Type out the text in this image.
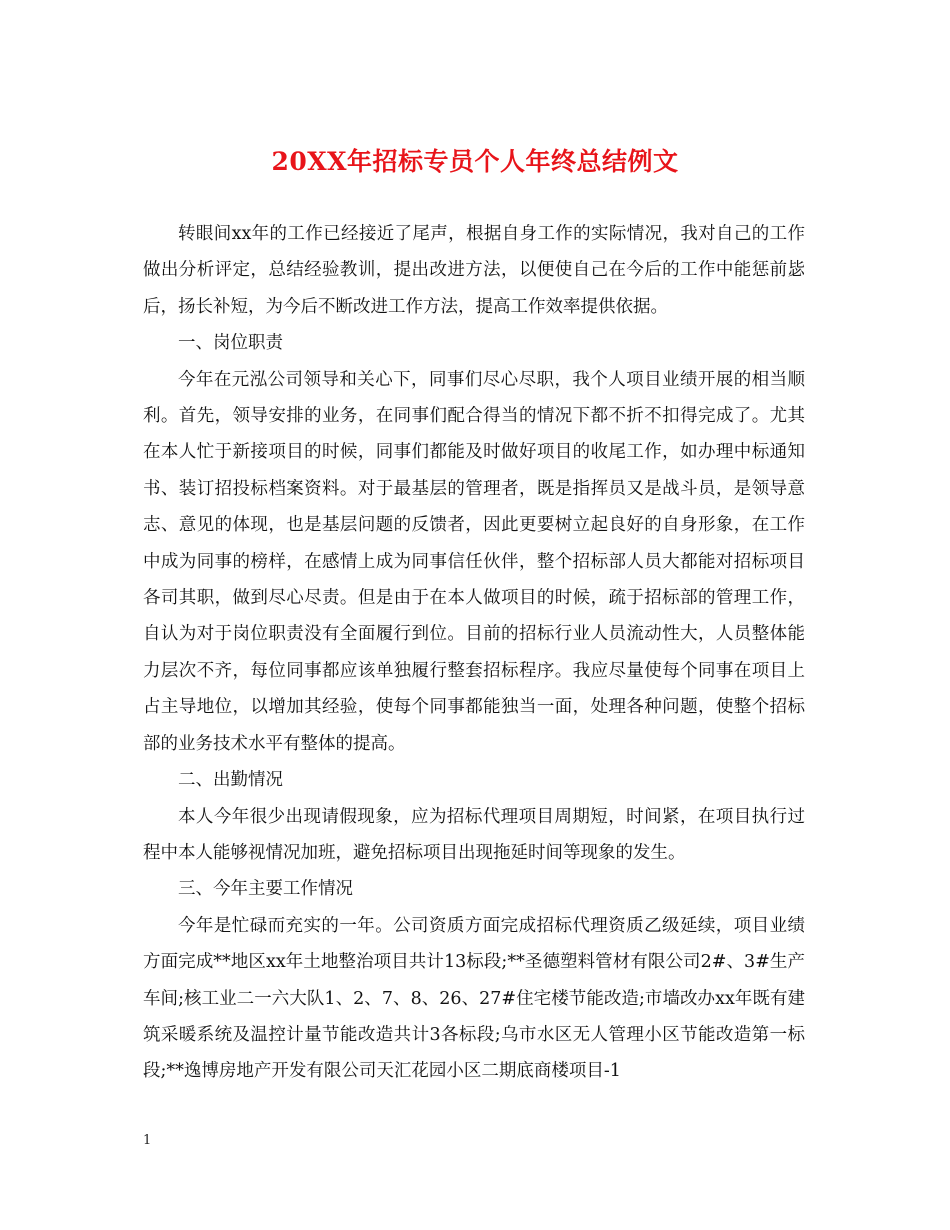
20XX年招标专员个人年终总结例文

转眼间xx年的工作已经接近了尾声，根据自身工作的实际情况，我对自己的工作做出分析评定，总结经验教训，提出改进方法，以便使自己在今后的工作中能惩前毖后，扬长补短，为今后不断改进工作方法，提高工作效率提供依据。

一、岗位职责

今年在元泓公司领导和关心下，同事们尽心尽职，我个人项目业绩开展的相当顺利。首先，领导安排的业务，在同事们配合得当的情况下都不折不扣得完成了。尤其在本人忙于新接项目的时候，同事们都能及时做好项目的收尾工作，如办理中标通知书、装订招投标档案资料。对于最基层的管理者，既是指挥员又是战斗员，是领导意志、意见的体现，也是基层问题的反馈者，因此更要树立起良好的自身形象，在工作中成为同事的榜样，在感情上成为同事信任伙伴，整个招标部人员大都能对招标项目各司其职，做到尽心尽责。但是由于在本人做项目的时候，疏于招标部的管理工作，自认为对于岗位职责没有全面履行到位。目前的招标行业人员流动性大，人员整体能力层次不齐，每位同事都应该单独履行整套招标程序。我应尽量使每个同事在项目上占主导地位，以增加其经验，使每个同事都能独当一面，处理各种问题，使整个招标部的业务技术水平有整体的提高。

二、出勤情况

本人今年很少出现请假现象，应为招标代理项目周期短，时间紧，在项目执行过程中本人能够视情况加班，避免招标项目出现拖延时间等现象的发生。

三、今年主要工作情况

今年是忙碌而充实的一年。公司资质方面完成招标代理资质乙级延续，项目业绩方面完成**地区xx年土地整治项目共计13标段;**圣德塑料管材有限公司2#、3#生产车间;核工业二一六大队1、2、7、8、26、27#住宅楼节能改造;市墙改办xx年既有建筑采暖系统及温控计量节能改造共计3各标段;乌市水区无人管理小区节能改造第一标段;**逸博房地产开发有限公司天汇花园小区二期底商楼项目-1

1
